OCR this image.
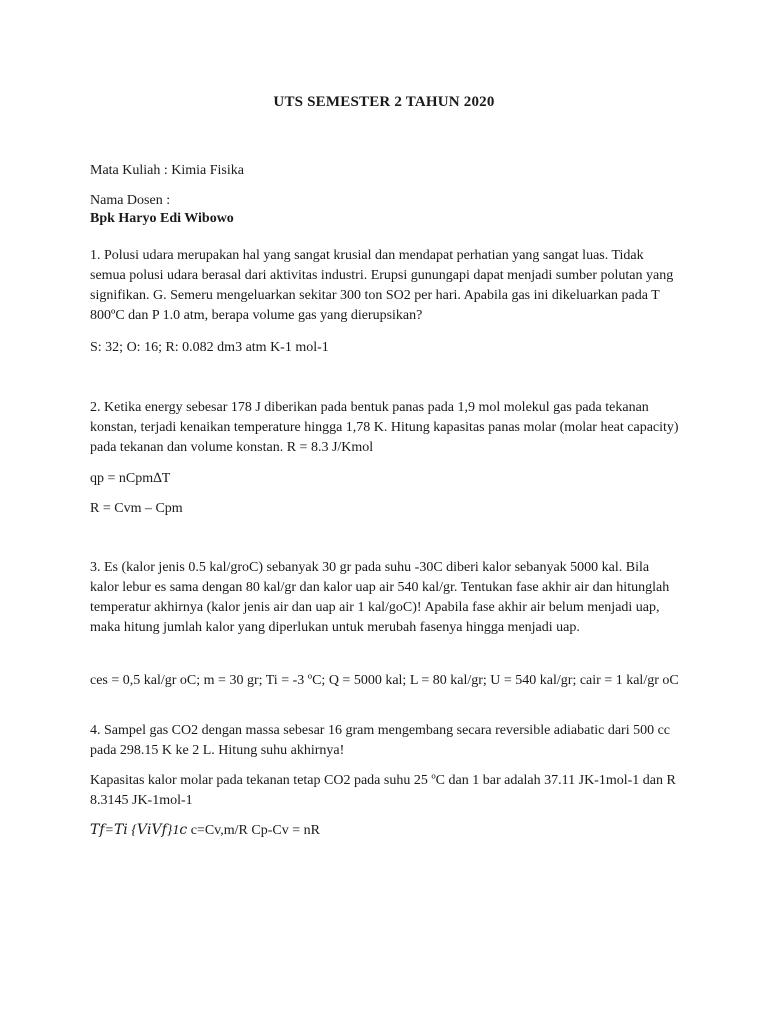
UTS SEMESTER 2 TAHUN 2020

Mata Kuliah : Kimia Fisika

Nama Dosen :

Bpk Haryo Edi Wibowo

1. Polusi udara merupakan hal yang sangat krusial dan mendapat perhatian yang sangat luas. Tidak semua polusi udara berasal dari aktivitas industri. Erupsi gunungapi dapat menjadi sumber polutan yang signifikan. G. Semeru mengeluarkan sekitar 300 ton SO2 per hari. Apabila gas ini dikeluarkan pada T 800ºC dan P 1.0 atm, berapa volume gas yang dierupsikan?

S: 32; O: 16; R: 0.082 dm3 atm K-1 mol-1

2. Ketika energy sebesar 178 J diberikan pada bentuk panas pada 1,9 mol molekul gas pada tekanan konstan, terjadi kenaikan temperature hingga 1,78 K. Hitung kapasitas panas molar (molar heat capacity) pada tekanan dan volume konstan. R = 8.3 J/Kmol

qp = nCpm∆T

R = Cvm – Cpm

3. Es (kalor jenis 0.5 kal/groC) sebanyak 30 gr pada suhu -30C diberi kalor sebanyak 5000 kal. Bila kalor lebur es sama dengan 80 kal/gr dan kalor uap air 540 kal/gr. Tentukan fase akhir air dan hitunglah temperatur akhirnya (kalor jenis air dan uap air 1 kal/goC)! Apabila fase akhir air belum menjadi uap, maka hitung jumlah kalor yang diperlukan untuk merubah fasenya hingga menjadi uap.

ces = 0,5 kal/gr oC; m = 30 gr; Ti = -3 ºC; Q = 5000 kal; L = 80 kal/gr; U = 540 kal/gr; cair = 1 kal/gr oC

4. Sampel gas CO2 dengan massa sebesar 16 gram mengembang secara reversible adiabatic dari 500 cc pada 298.15 K ke 2 L. Hitung suhu akhirnya!

Kapasitas kalor molar pada tekanan tetap CO2 pada suhu 25 ºC dan 1 bar adalah 37.11 JK-1mol-1 dan R 8.3145 JK-1mol-1

𝑇𝑓=𝑇𝑖 {𝑉𝑖𝑉𝑓}1𝑐 c=Cv,m/R Cp-Cv = nR
